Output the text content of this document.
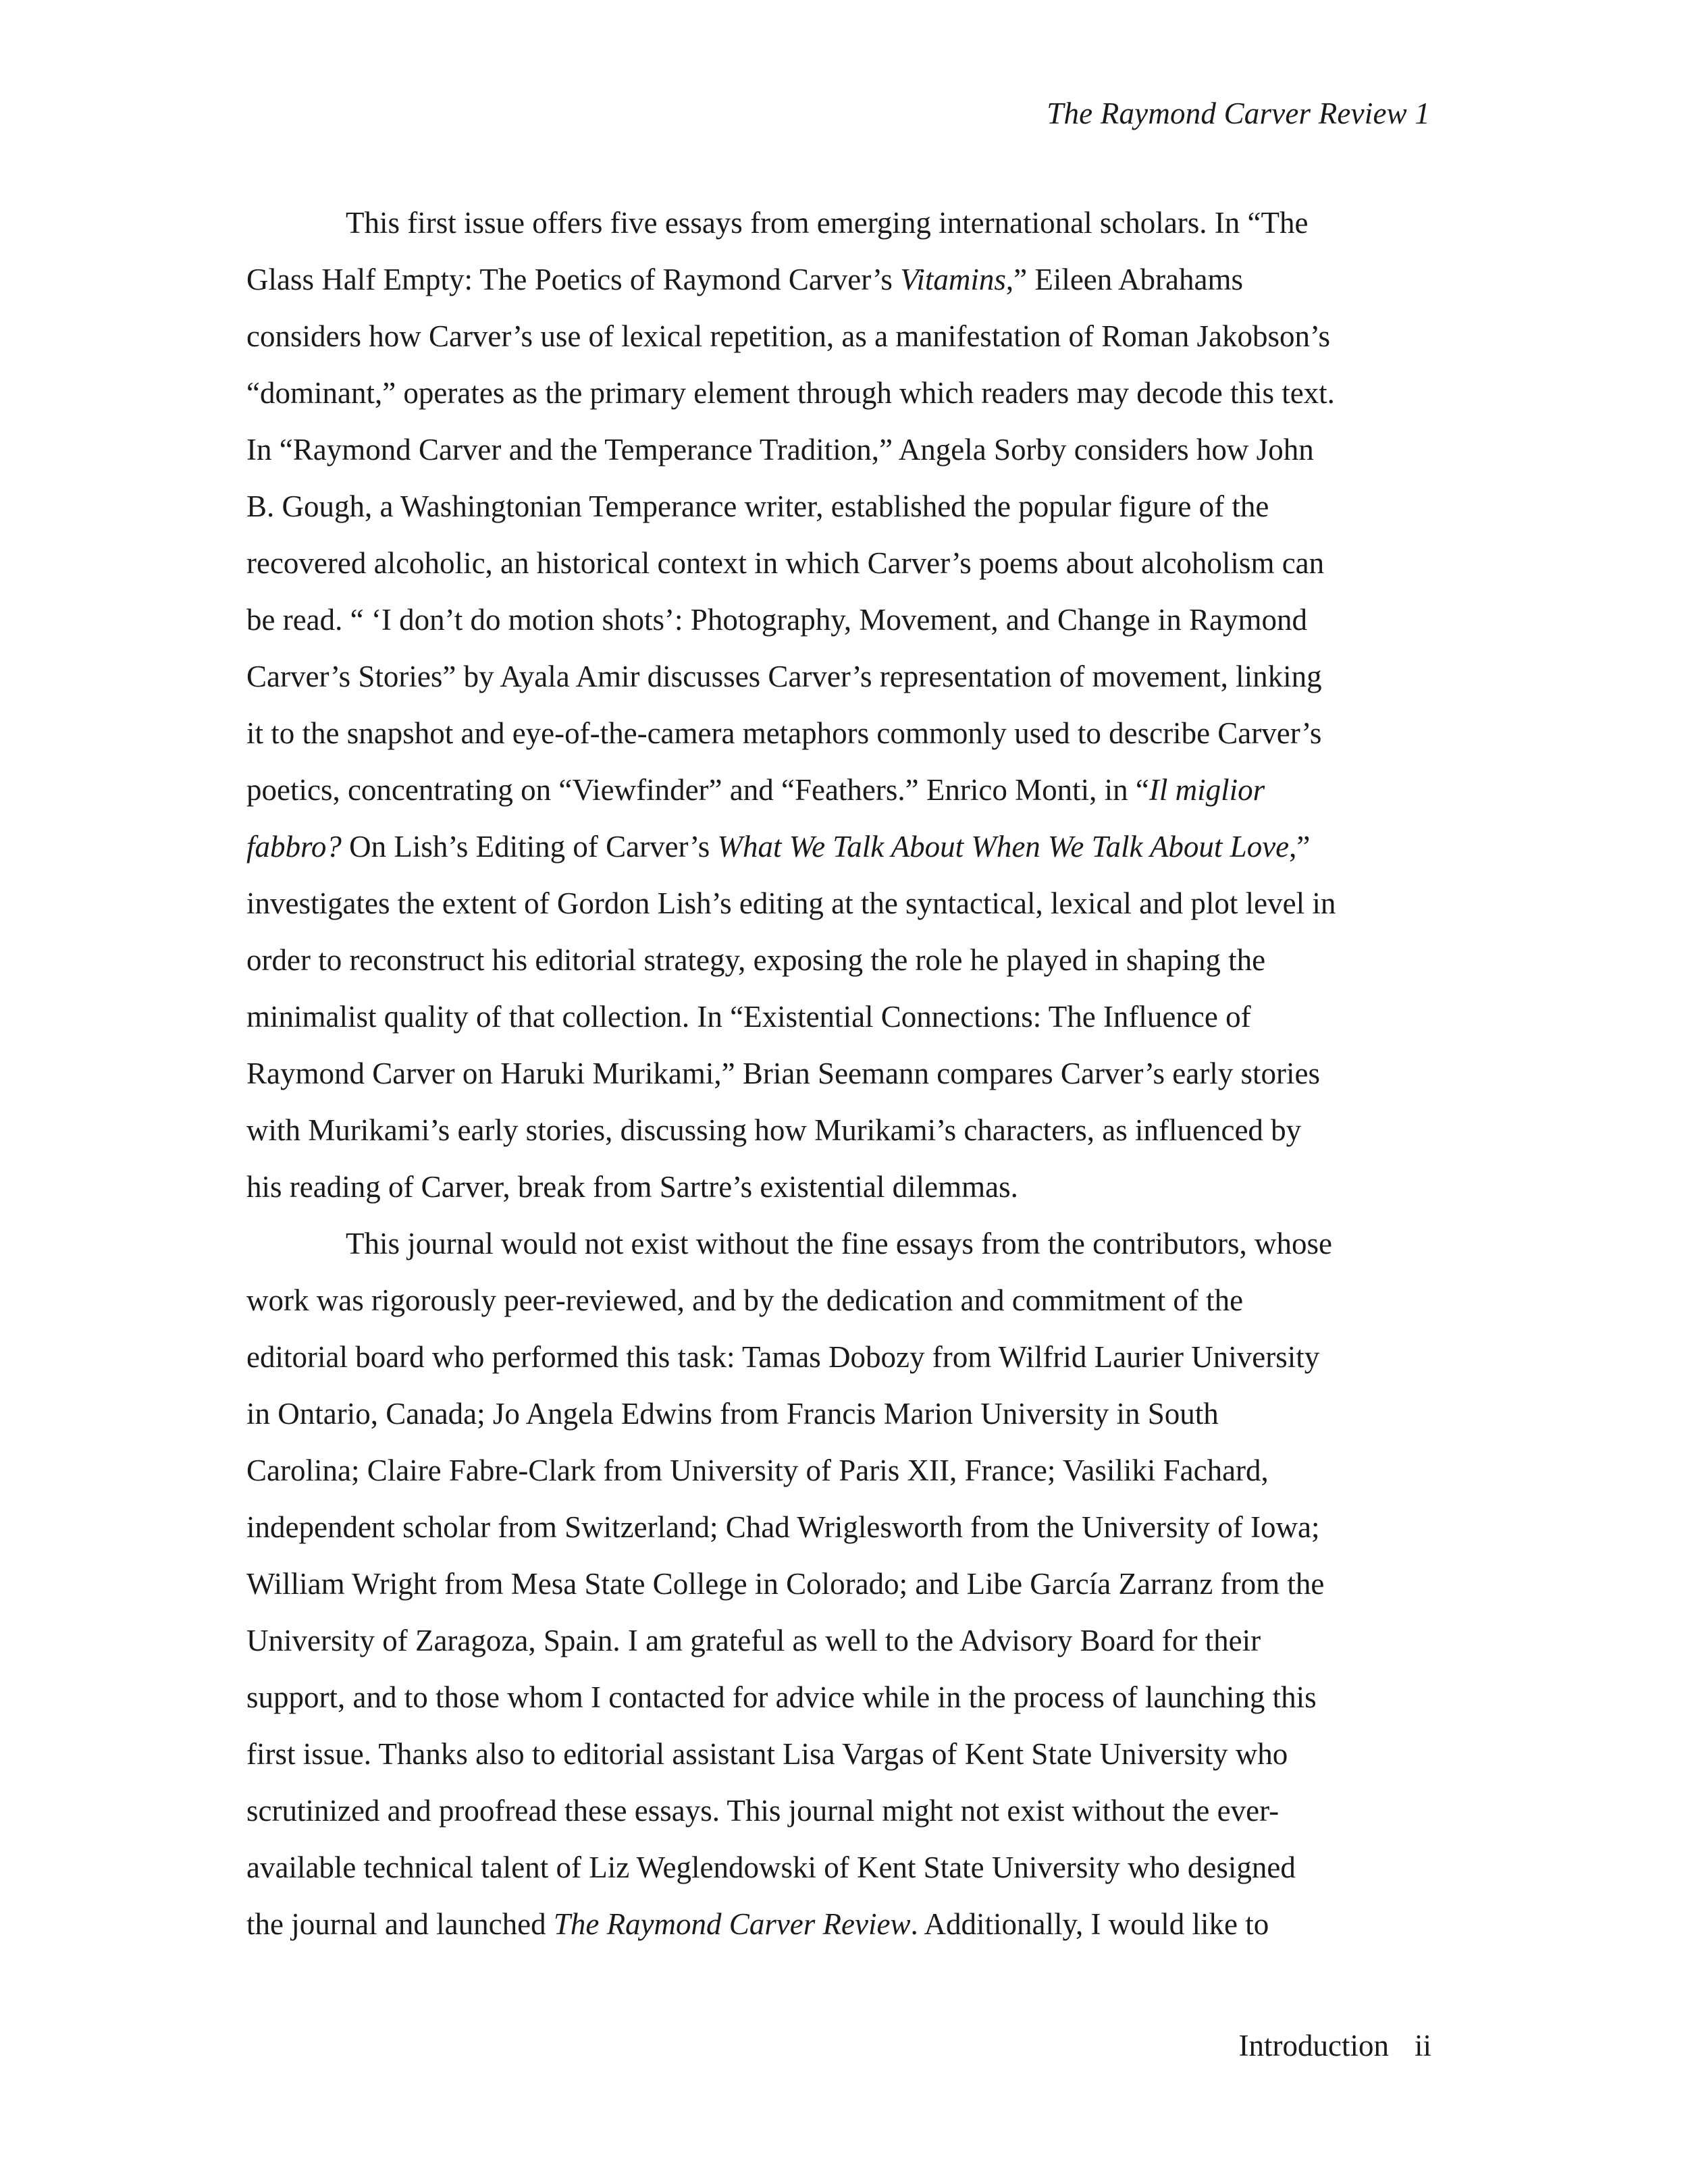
The Raymond Carver Review 1
This first issue offers five essays from emerging international scholars. In “The
Glass Half Empty: The Poetics of Raymond Carver’s Vitamins,” Eileen Abrahams
considers how Carver’s use of lexical repetition, as a manifestation of Roman Jakobson’s
“dominant,” operates as the primary element through which readers may decode this text.
In “Raymond Carver and the Temperance Tradition,” Angela Sorby considers how John
B. Gough, a Washingtonian Temperance writer, established the popular figure of the
recovered alcoholic, an historical context in which Carver’s poems about alcoholism can
be read. “ ‘I don’t do motion shots’: Photography, Movement, and Change in Raymond
Carver’s Stories” by Ayala Amir discusses Carver’s representation of movement, linking
it to the snapshot and eye-of-the-camera metaphors commonly used to describe Carver’s
poetics, concentrating on “Viewfinder” and “Feathers.” Enrico Monti, in “Il miglior
fabbro? On Lish’s Editing of Carver’s What We Talk About When We Talk About Love,”
investigates the extent of Gordon Lish’s editing at the syntactical, lexical and plot level in
order to reconstruct his editorial strategy, exposing the role he played in shaping the
minimalist quality of that collection. In “Existential Connections: The Influence of
Raymond Carver on Haruki Murikami,” Brian Seemann compares Carver’s early stories
with Murikami’s early stories, discussing how Murikami’s characters, as influenced by
his reading of Carver, break from Sartre’s existential dilemmas.
This journal would not exist without the fine essays from the contributors, whose
work was rigorously peer-reviewed, and by the dedication and commitment of the
editorial board who performed this task: Tamas Dobozy from Wilfrid Laurier University
in Ontario, Canada; Jo Angela Edwins from Francis Marion University in South
Carolina; Claire Fabre-Clark from University of Paris XII, France; Vasiliki Fachard,
independent scholar from Switzerland; Chad Wriglesworth from the University of Iowa;
William Wright from Mesa State College in Colorado; and Libe García Zarranz from the
University of Zaragoza, Spain. I am grateful as well to the Advisory Board for their
support, and to those whom I contacted for advice while in the process of launching this
first issue. Thanks also to editorial assistant Lisa Vargas of Kent State University who
scrutinized and proofread these essays. This journal might not exist without the ever-
available technical talent of Liz Weglendowski of Kent State University who designed
the journal and launched The Raymond Carver Review. Additionally, I would like to
Introduction ii
